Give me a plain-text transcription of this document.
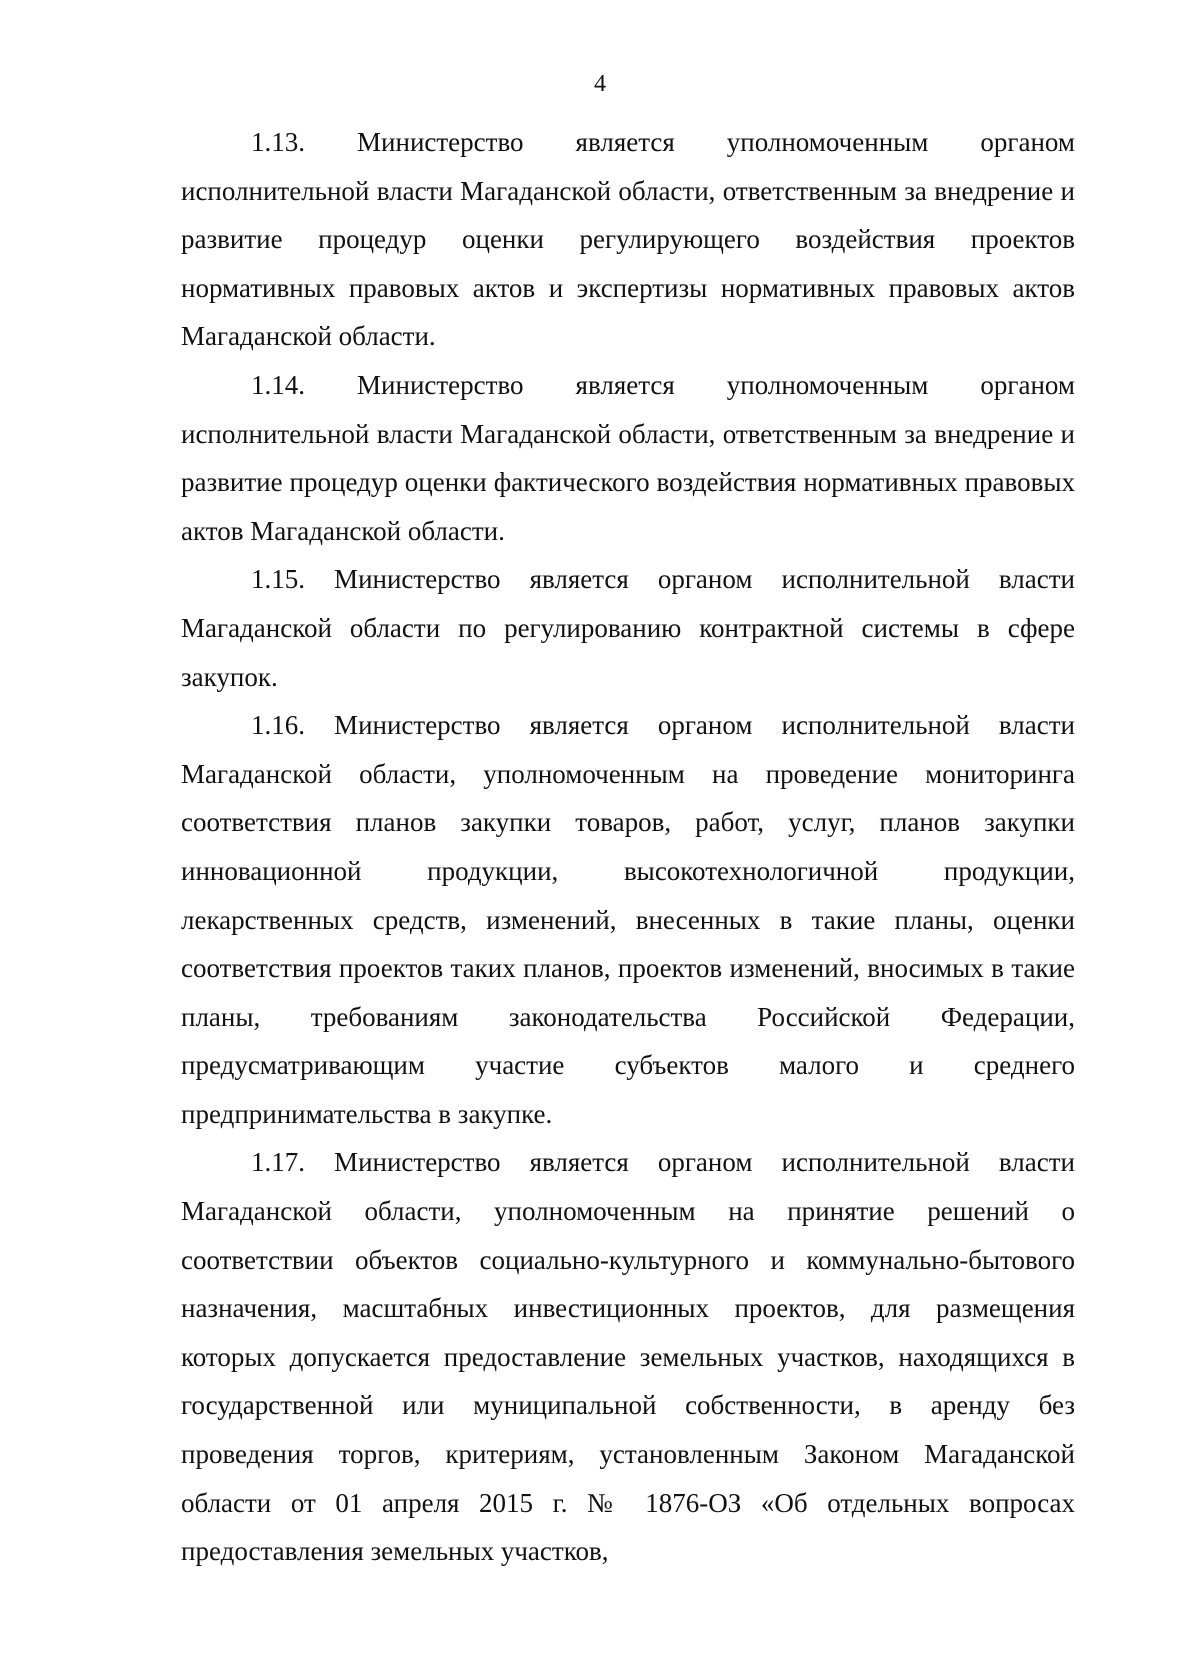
4

1.13. Министерство является уполномоченным органом исполнительной власти Магаданской области, ответственным за внедрение и развитие процедур оценки регулирующего воздействия проектов нормативных правовых актов и экспертизы нормативных правовых актов Магаданской области.

1.14. Министерство является уполномоченным органом исполнительной власти Магаданской области, ответственным за внедрение и развитие процедур оценки фактического воздействия нормативных правовых актов Магаданской области.

1.15. Министерство является органом исполнительной власти Магаданской области по регулированию контрактной системы в сфере закупок.

1.16. Министерство является органом исполнительной власти Магаданской области, уполномоченным на проведение мониторинга соответствия планов закупки товаров, работ, услуг, планов закупки инновационной продукции, высокотехнологичной продукции, лекарственных средств, изменений, внесенных в такие планы, оценки соответствия проектов таких планов, проектов изменений, вносимых в такие планы, требованиям законодательства Российской Федерации, предусматривающим участие субъектов малого и среднего предпринимательства в закупке.

1.17. Министерство является органом исполнительной власти Магаданской области, уполномоченным на принятие решений о соответствии объектов социально-культурного и коммунально-бытового назначения, масштабных инвестиционных проектов, для размещения которых допускается предоставление земельных участков, находящихся в государственной или муниципальной собственности, в аренду без проведения торгов, критериям, установленным Законом Магаданской области от 01 апреля 2015 г. № 1876-ОЗ «Об отдельных вопросах предоставления земельных участков,
